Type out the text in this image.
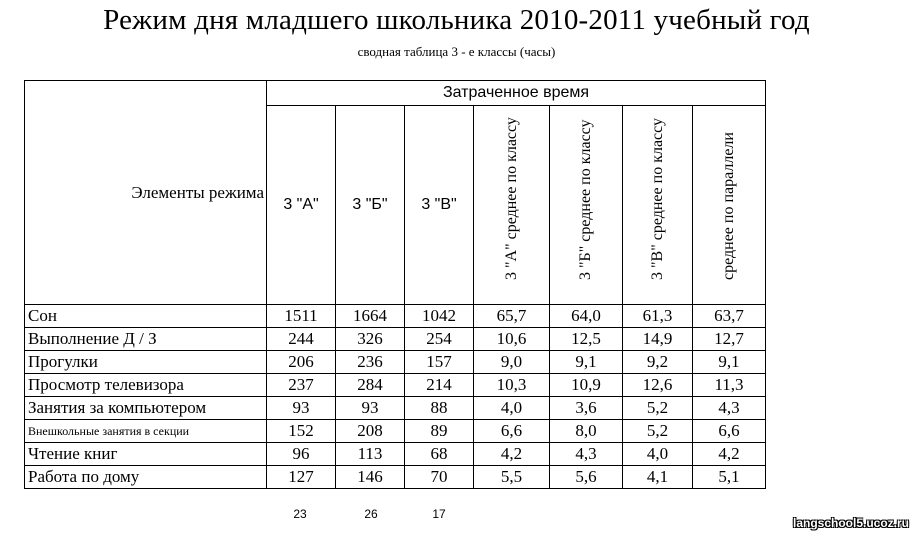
Режим дня младшего школьника 2010-2011 учебный год
сводная таблица 3 - е классы (часы)
Элементы режима	Затраченное время						
	3 "А"	3 "Б"	3 "В"	3 "А" среднее по классу	3 "Б" среднее по классу	3 "В" среднее по классу	среднее по параллели

Сон	1511	1664	1042	65,7	64,0	61,3	63,7
Выполнение Д / З	244	326	254	10,6	12,5	14,9	12,7
Прогулки	206	236	157	9,0	9,1	9,2	9,1
Просмотр телевизора	237	284	214	10,3	10,9	12,6	11,3
Занятия за компьютером	93	93	88	4,0	3,6	5,2	4,3
Внешкольные занятия в секции	152	208	89	6,6	8,0	5,2	6,6
Чтение книг	96	113	68	4,2	4,3	4,0	4,2
Работа по дому	127	146	70	5,5	5,6	4,1	5,1
23	26	17
langschool5.ucoz.ru
